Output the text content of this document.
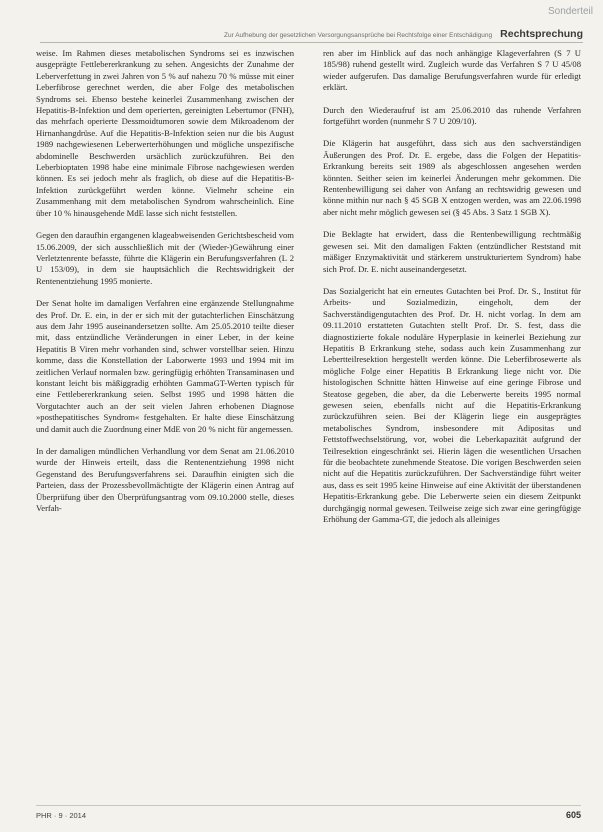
Sonderteil
Zur Aufhebung der gesetzlichen Versorgungsansprüche bei Rechtsfolge einer Entschädigung Rechtsprechung

weise. Im Rahmen dieses metabolischen Syndroms sei es inzwischen ausgeprägte Fettlebererkrankung zu sehen. Angesichts der Zunahme der Leberverfettung in zwei Jahren von 5 % auf nahezu 70 % müsse mit einer Leberfibrose gerechnet werden, die aber Folge des metabolischen Syndroms sei. Ebenso bestehe keinerlei Zusammenhang zwischen der Hepatitis-B-Infektion und dem operierten, gereinigten Lebertumor (FNH), das mehrfach operierte Dessmoidtumoren sowie dem Mikroadenom der Hirnanhangdrüse. Auf die Hepatitis-B-Infektion seien nur die bis August 1989 nachgewiesenen Leberwerterhöhungen und mögliche unspezifische abdominelle Beschwerden ursächlich zurückzuführen. Bei den Leberbioptaten 1998 habe eine minimale Fibrose nachgewiesen werden können. Es sei jedoch mehr als fraglich, ob diese auf die Hepatitis-B-Infektion zurückgeführt werden könne. Vielmehr scheine ein Zusammenhang mit dem metabolischen Syndrom wahrscheinlich. Eine über 10 % hinausgehende MdE lasse sich nicht feststellen.

Gegen den daraufhin ergangenen klageabweisenden Gerichtsbescheid vom 15.06.2009, der sich ausschließlich mit der (Wieder-)Gewährung einer Verletztenrente befasste, führte die Klägerin ein Berufungsverfahren (L 2 U 153/09), in dem sie hauptsächlich die Rechtswidrigkeit der Rentenentziehung 1995 monierte.

Der Senat holte im damaligen Verfahren eine ergänzende Stellungnahme des Prof. Dr. E. ein, in der er sich mit der gutachterlichen Einschätzung aus dem Jahr 1995 auseinandersetzen sollte. Am 25.05.2010 teilte dieser mit, dass entzündliche Veränderungen in einer Leber, in der keine Hepatitis B Viren mehr vorhanden sind, schwer vorstellbar seien. Hinzu komme, dass die Konstellation der Laborwerte 1993 und 1994 mit im zeitlichen Verlauf normalen bzw. geringfügig erhöhten Transaminasen und konstant leicht bis mäßiggradig erhöhten GammaGT-Werten typisch für eine Fettlebererkrankung seien. Selbst 1995 und 1998 hätten die Vorgutachter auch an der seit vielen Jahren erhobenen Diagnose »posthepatitisches Syndrom« festgehalten. Er halte diese Einschätzung und damit auch die Zuordnung einer MdE von 20 % nicht für angemessen.

In der damaligen mündlichen Verhandlung vor dem Senat am 21.06.2010 wurde der Hinweis erteilt, dass die Rentenentziehung 1998 nicht Gegenstand des Berufungsverfahrens sei. Daraufhin einigten sich die Parteien, dass der Prozessbevollmächtigte der Klägerin einen Antrag auf Überprüfung über den Überprüfungsantrag vom 09.10.2000 stelle, dieses Verfah-

ren aber im Hinblick auf das noch anhängige Klageverfahren (S 7 U 185/98) ruhend gestellt wird. Zugleich wurde das Verfahren S 7 U 45/08 wieder aufgerufen. Das damalige Berufungsverfahren wurde für erledigt erklärt.

Durch den Wiederaufruf ist am 25.06.2010 das ruhende Verfahren fortgeführt worden (nunmehr S 7 U 209/10).

Die Klägerin hat ausgeführt, dass sich aus den sachverständigen Äußerungen des Prof. Dr. E. ergebe, dass die Folgen der Hepatitis-Erkrankung bereits seit 1989 als abgeschlossen angesehen werden könnten. Seither seien im keinerlei Änderungen mehr gekommen. Die Rentenbewilligung sei daher von Anfang an rechtswidrig gewesen und könne mithin nur nach § 45 SGB X entzogen werden, was am 22.06.1998 aber nicht mehr möglich gewesen sei (§ 45 Abs. 3 Satz 1 SGB X).

Die Beklagte hat erwidert, dass die Rentenbewilligung rechtmäßig gewesen sei. Mit den damaligen Fakten (entzündlicher Reststand mit mäßiger Enzymaktivität und stärkerem unstrukturiertem Syndrom) habe sich Prof. Dr. E. nicht auseinandergesetzt.

Das Sozialgericht hat ein erneutes Gutachten bei Prof. Dr. S., Institut für Arbeits- und Sozialmedizin, eingeholt, dem der Sachverständigengutachten des Prof. Dr. H. nicht vorlag. In dem am 09.11.2010 erstatteten Gutachten stellt Prof. Dr. S. fest, dass die diagnostizierte fokale noduläre Hyperplasie in keinerlei Beziehung zur Hepatitis B Erkrankung stehe, sodass auch kein Zusammenhang zur Lebertteilresektion hergestellt werden könne. Die Leberfibrosewerte als mögliche Folge einer Hepatitis B Erkrankung liege nicht vor. Die histologischen Schnitte hätten Hinweise auf eine geringe Fibrose und Steatose gegeben, die aber, da die Leberwerte bereits 1995 normal gewesen seien, ebenfalls nicht auf die Hepatitis-Erkrankung zurückzuführen seien. Bei der Klägerin liege ein ausgeprägtes metabolisches Syndrom, insbesondere mit Adipositas und Fettstoffwechselstörung, vor, wobei die Leberkapazität aufgrund der Teilresektion eingeschränkt sei. Hierin lägen die wesentlichen Ursachen für die beobachtete zunehmende Steatose. Die vorigen Beschwerden seien nicht auf die Hepatitis zurückzuführen. Der Sachverständige führt weiter aus, dass es seit 1995 keine Hinweise auf eine Aktivität der überstandenen Hepatitis-Erkrankung gebe. Die Leberwerte seien ein diesem Zeitpunkt durchgängig normal gewesen. Teilweise zeige sich zwar eine geringfügige Erhöhung der Gamma-GT, die jedoch als alleiniges

PHR · 9 · 2014	605
